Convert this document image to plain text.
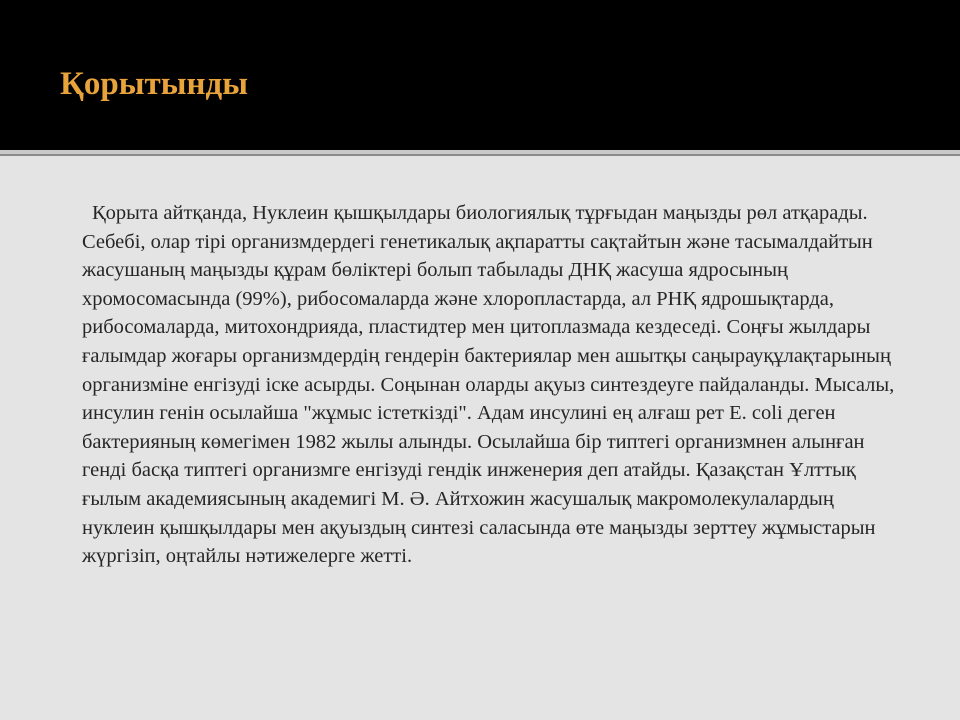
Қорытынды

Қорыта айтқанда, Нуклеин қышқылдары биологиялық тұрғыдан маңызды рөл атқарады. Себебі, олар тірі организмдердегі генетикалық ақпаратты сақтайтын және тасымалдайтын жасушаның маңызды құрам бөліктері болып табылады ДНҚ жасуша ядросының хромосомасында (99%), рибосомаларда және хлоропластарда, ал РНҚ ядрошықтарда, рибосомаларда, митохондрияда, пластидтер мен цитоплазмада кездеседі. Соңғы жылдары ғалымдар жоғары организмдердің гендерін бактериялар мен ашытқы саңырауқұлақтарының организміне енгізуді іске асырды. Соңынан оларды ақуыз синтездеуге пайдаланды. Мысалы, инсулин генін осылайша "жұмыс істеткізді". Адам инсулині ең алғаш рет E. coli деген бактерияның көмегімен 1982 жылы алынды. Осылайша бір типтегі организмнен алынған генді басқа типтегі организмге енгізуді гендік инженерия деп атайды. Қазақстан Ұлттық ғылым академиясының академигі М. Ә. Айтхожин жасушалық макромолекулалардың нуклеин қышқылдары мен ақуыздың синтезі саласында өте маңызды зерттеу жұмыстарын жүргізіп, оңтайлы нәтижелерге жетті.
